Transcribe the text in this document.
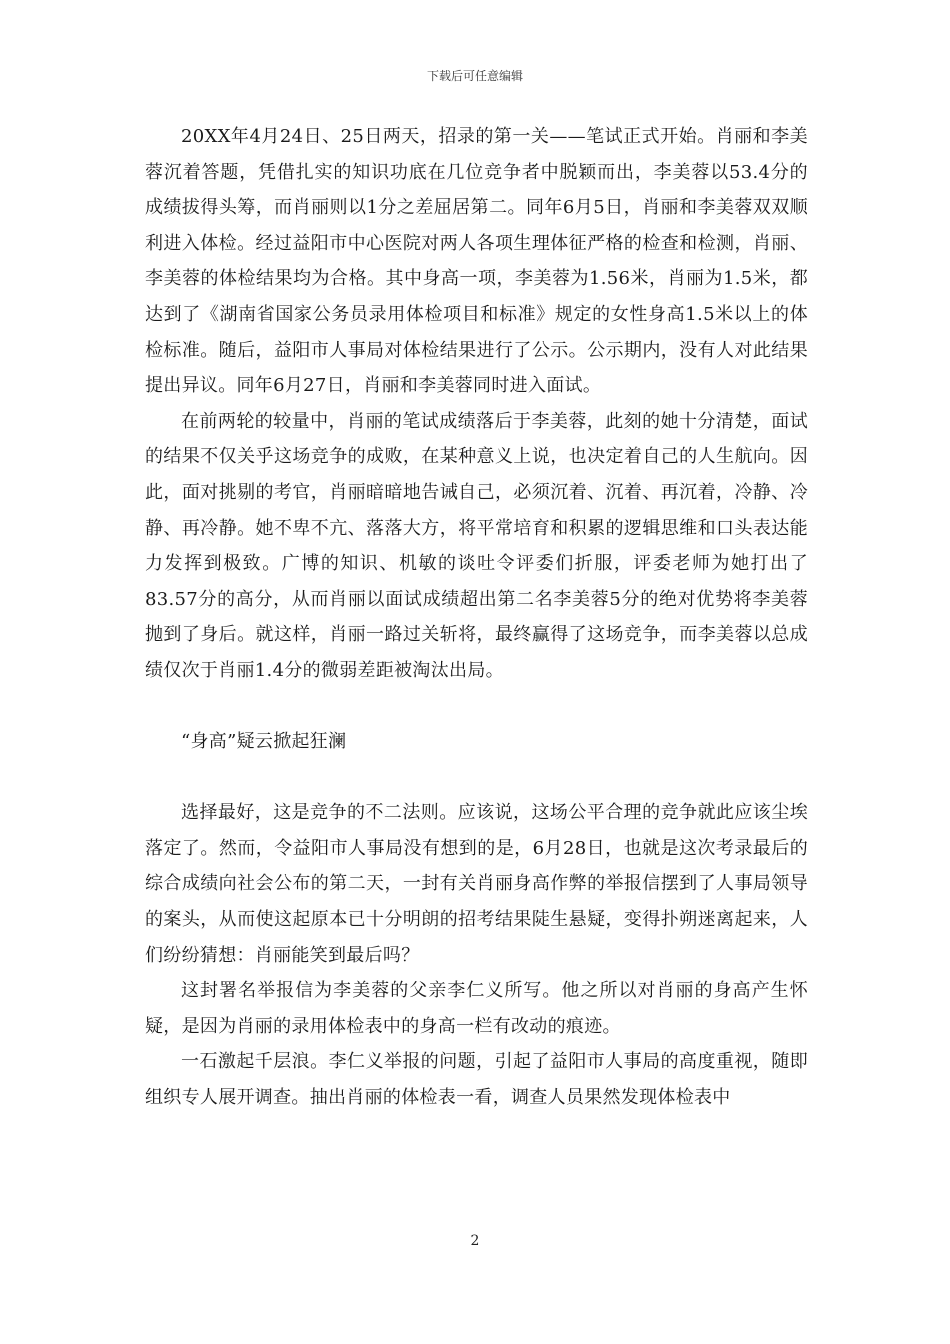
下载后可任意编辑

20XX年4月24日、25日两天，招录的第一关——笔试正式开始。肖丽和李美蓉沉着答题，凭借扎实的知识功底在几位竞争者中脱颖而出，李美蓉以53.4分的成绩拔得头筹，而肖丽则以1分之差屈居第二。同年6月5日，肖丽和李美蓉双双顺利进入体检。经过益阳市中心医院对两人各项生理体征严格的检查和检测，肖丽、李美蓉的体检结果均为合格。其中身高一项，李美蓉为1.56米，肖丽为1.5米，都达到了《湖南省国家公务员录用体检项目和标准》规定的女性身高1.5米以上的体检标准。随后，益阳市人事局对体检结果进行了公示。公示期内，没有人对此结果提出异议。同年6月27日，肖丽和李美蓉同时进入面试。

在前两轮的较量中，肖丽的笔试成绩落后于李美蓉，此刻的她十分清楚，面试的结果不仅关乎这场竞争的成败，在某种意义上说，也决定着自己的人生航向。因此，面对挑剔的考官，肖丽暗暗地告诫自己，必须沉着、沉着、再沉着，冷静、冷静、再冷静。她不卑不亢、落落大方，将平常培育和积累的逻辑思维和口头表达能力发挥到极致。广博的知识、机敏的谈吐令评委们折服，评委老师为她打出了83.57分的高分，从而肖丽以面试成绩超出第二名李美蓉5分的绝对优势将李美蓉抛到了身后。就这样，肖丽一路过关斩将，最终赢得了这场竞争，而李美蓉以总成绩仅次于肖丽1.4分的微弱差距被淘汰出局。

“身高”疑云掀起狂澜

选择最好，这是竞争的不二法则。应该说，这场公平合理的竞争就此应该尘埃落定了。然而，令益阳市人事局没有想到的是，6月28日，也就是这次考录最后的综合成绩向社会公布的第二天，一封有关肖丽身高作弊的举报信摆到了人事局领导的案头，从而使这起原本已十分明朗的招考结果陡生悬疑，变得扑朔迷离起来，人们纷纷猜想：肖丽能笑到最后吗？

这封署名举报信为李美蓉的父亲李仁义所写。他之所以对肖丽的身高产生怀疑，是因为肖丽的录用体检表中的身高一栏有改动的痕迹。

一石激起千层浪。李仁义举报的问题，引起了益阳市人事局的高度重视，随即组织专人展开调查。抽出肖丽的体检表一看，调查人员果然发现体检表中

2
